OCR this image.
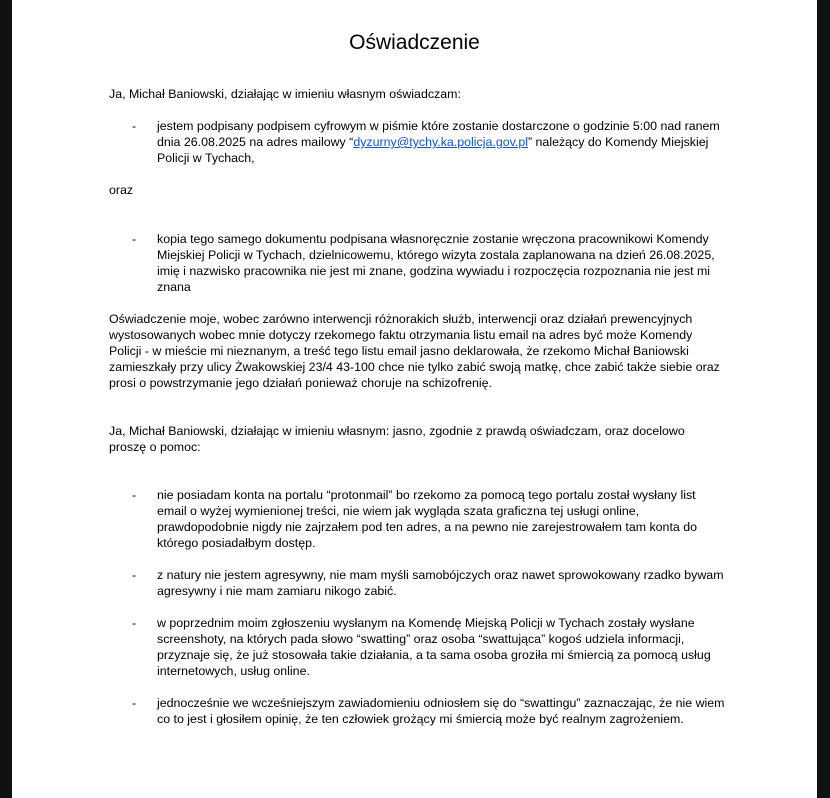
Oświadczenie

Ja, Michał Baniowski, działając w imieniu własnym oświadczam:

- jestem podpisany podpisem cyfrowym w piśmie które zostanie dostarczone o godzinie 5:00 nad ranem dnia 26.08.2025 na adres mailowy “dyzurny@tychy.ka.policja.gov.pl” należący do Komendy Miejskiej Policji w Tychach,

oraz

- kopia tego samego dokumentu podpisana własnoręcznie zostanie wręczona pracownikowi Komendy Miejskiej Policji w Tychach, dzielnicowemu, którego wizyta zostala zaplanowana na dzień 26.08.2025, imię i nazwisko pracownika nie jest mi znane, godzina wywiadu i rozpoczęcia rozpoznania nie jest mi znana

Oświadczenie moje, wobec zarówno interwencji różnorakich służb, interwencji oraz działań prewencyjnych wystosowanych wobec mnie dotyczy rzekomego faktu otrzymania listu email na adres być może Komendy Policji - w mieście mi nieznanym, a treść tego listu email jasno deklarowała, że rzekomo Michał Baniowski zamieszkały przy ulicy Żwakowskiej 23/4 43-100 chce nie tylko zabić swoją matkę, chce zabić także siebie oraz prosi o powstrzymanie jego działań ponieważ choruje na schizofrenię.

Ja, Michał Baniowski, działając w imieniu własnym: jasno, zgodnie z prawdą oświadczam, oraz docelowo proszę o pomoc:

- nie posiadam konta na portalu “protonmail” bo rzekomo za pomocą tego portalu został wysłany list email o wyżej wymienionej treści, nie wiem jak wygląda szata graficzna tej usługi online, prawdopodobnie nigdy nie zajrzałem pod ten adres, a na pewno nie zarejestrowałem tam konta do którego posiadałbym dostęp.
- z natury nie jestem agresywny, nie mam myśli samobójczych oraz nawet sprowokowany rzadko bywam agresywny i nie mam zamiaru nikogo zabić.
- w poprzednim moim zgłoszeniu wysłanym na Komendę Miejską Policji w Tychach zostały wysłane screenshoty, na których pada słowo “swatting” oraz osoba “swattująca” kogoś udziela informacji, przyznaje się, że już stosowała takie działania, a ta sama osoba groziła mi śmiercią za pomocą usług internetowych, usług online.
- jednocześnie we wcześniejszym zawiadomieniu odniosłem się do “swattingu” zaznaczając, że nie wiem co to jest i głosiłem opinię, że ten człowiek grożący mi śmiercią może być realnym zagrożeniem.
